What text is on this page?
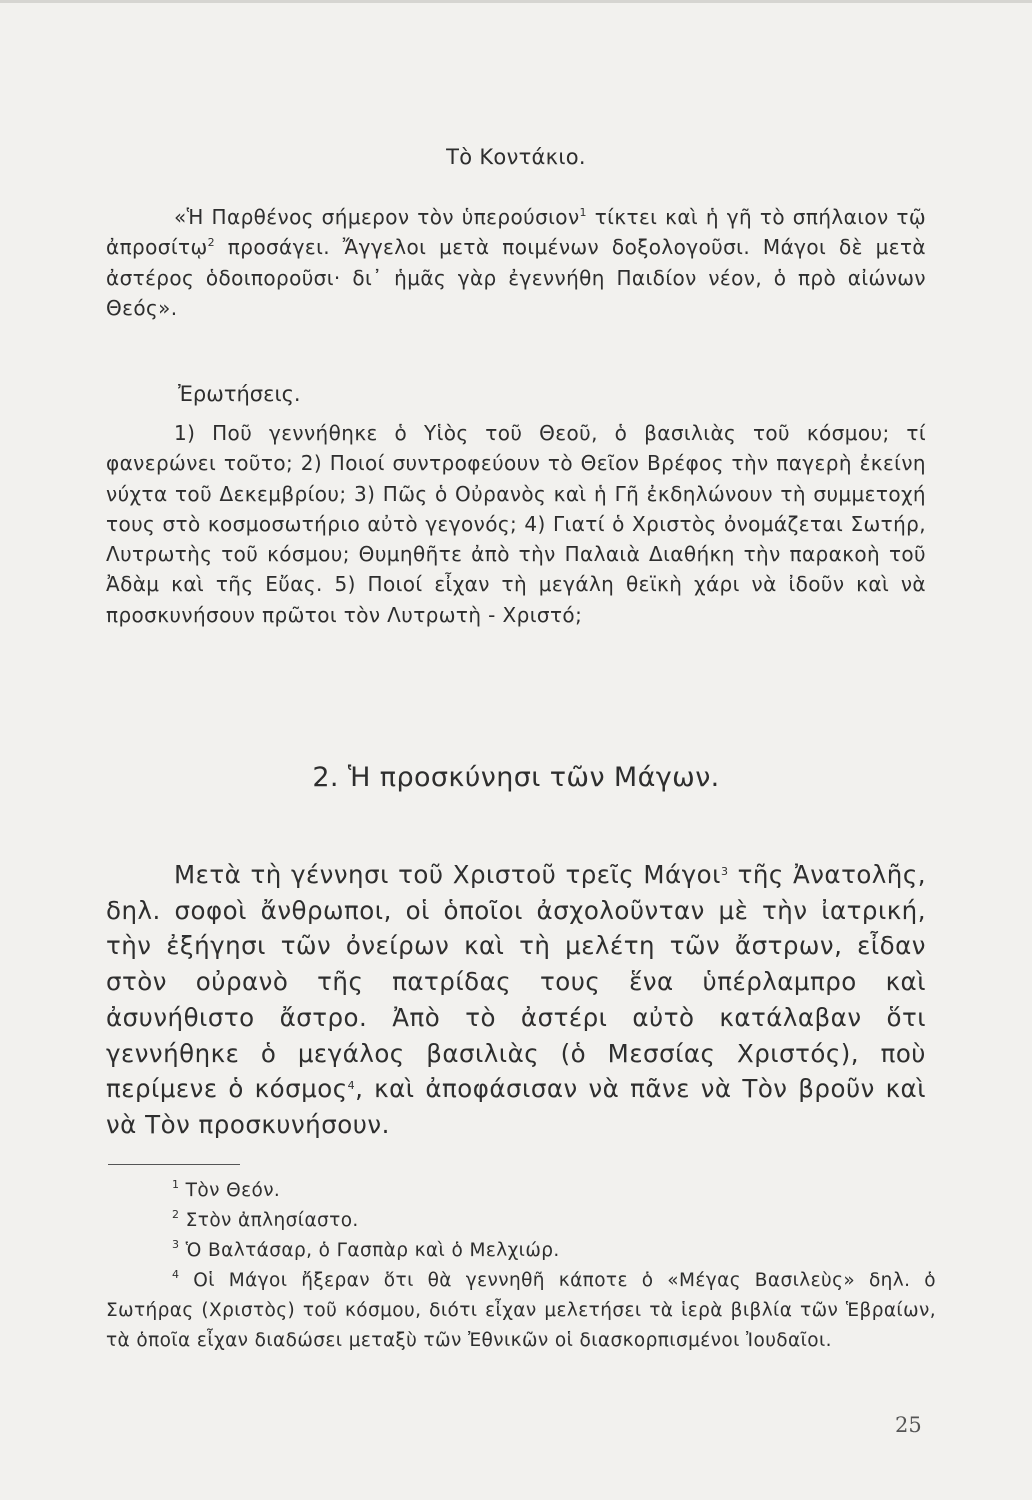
Τὸ Κοντάκιο.

«Ἡ Παρθένος σήμερον τὸν ὑπερούσιον$^1$ τίκτει καὶ ἡ γῆ τὸ σπήλαιον τῷ ἀπροσίτῳ$^2$ προσάγει. Ἄγγελοι μετὰ ποιμένων δοξολογοῦσι. Μάγοι δὲ μετὰ ἀστέρος ὁδοιποροῦσι· δι᾽ ἡμᾶς γὰρ ἐγεννήθη Παιδίον νέον, ὁ πρὸ αἰώνων Θεός».

Ἐρωτήσεις.

1) Ποῦ γεννήθηκε ὁ Υἱὸς τοῦ Θεοῦ, ὁ βασιλιὰς τοῦ κόσμου; τί φανερώνει τοῦτο; 2) Ποιοί συντροφεύουν τὸ Θεῖον Βρέφος τὴν παγερὴ ἐκείνη νύχτα τοῦ Δεκεμβρίου; 3) Πῶς ὁ Οὐρανὸς καὶ ἡ Γῆ ἐκδηλώνουν τὴ συμμετοχή τους στὸ κοσμοσωτήριο αὐτὸ γεγονός; 4) Γιατί ὁ Χριστὸς ὀνομάζεται Σωτήρ, Λυτρωτὴς τοῦ κόσμου; Θυμηθῆτε ἀπὸ τὴν Παλαιὰ Διαθήκη τὴν παρακοὴ τοῦ Ἀδὰμ καὶ τῆς Εὔας. 5) Ποιοί εἶχαν τὴ μεγάλη θεϊκὴ χάρι νὰ ἰδοῦν καὶ νὰ προσκυνήσουν πρῶτοι τὸν Λυτρωτὴ - Χριστό;

2. Ἡ προσκύνησι τῶν Μάγων.

Μετὰ τὴ γέννησι τοῦ Χριστοῦ τρεῖς Μάγοι$^3$ τῆς Ἀνατολῆς, δηλ. σοφοὶ ἄνθρωποι, οἱ ὁποῖοι ἀσχολοῦνταν μὲ τὴν ἰατρική, τὴν ἐξήγησι τῶν ὀνείρων καὶ τὴ μελέτη τῶν ἄστρων, εἶδαν στὸν οὐρανὸ τῆς πατρίδας τους ἕνα ὑπέρλαμπρο καὶ ἀσυνήθιστο ἄστρο. Ἀπὸ τὸ ἀστέρι αὐτὸ κατάλαβαν ὅτι γεννήθηκε ὁ μεγάλος βασιλιὰς (ὁ Μεσσίας Χριστός), ποὺ περίμενε ὁ κόσμος$^4$, καὶ ἀποφάσισαν νὰ πᾶνε νὰ Τὸν βροῦν καὶ νὰ Τὸν προσκυνήσουν.

$^1$ Τὸν Θεόν.

$^2$ Στὸν ἀπλησίαστο.

$^3$ Ὁ Βαλτάσαρ, ὁ Γασπὰρ καὶ ὁ Μελχιώρ.

$^4$ Οἱ Μάγοι ἤξεραν ὅτι θὰ γεννηθῆ κάποτε ὁ «Μέγας Βασιλεὺς» δηλ. ὁ Σωτήρας (Χριστὸς) τοῦ κόσμου, διότι εἶχαν μελετήσει τὰ ἱερὰ βιβλία τῶν Ἑβραίων, τὰ ὁποῖα εἶχαν διαδώσει μεταξὺ τῶν Ἐθνικῶν οἱ διασκορπισμένοι Ἰουδαῖοι.

25
